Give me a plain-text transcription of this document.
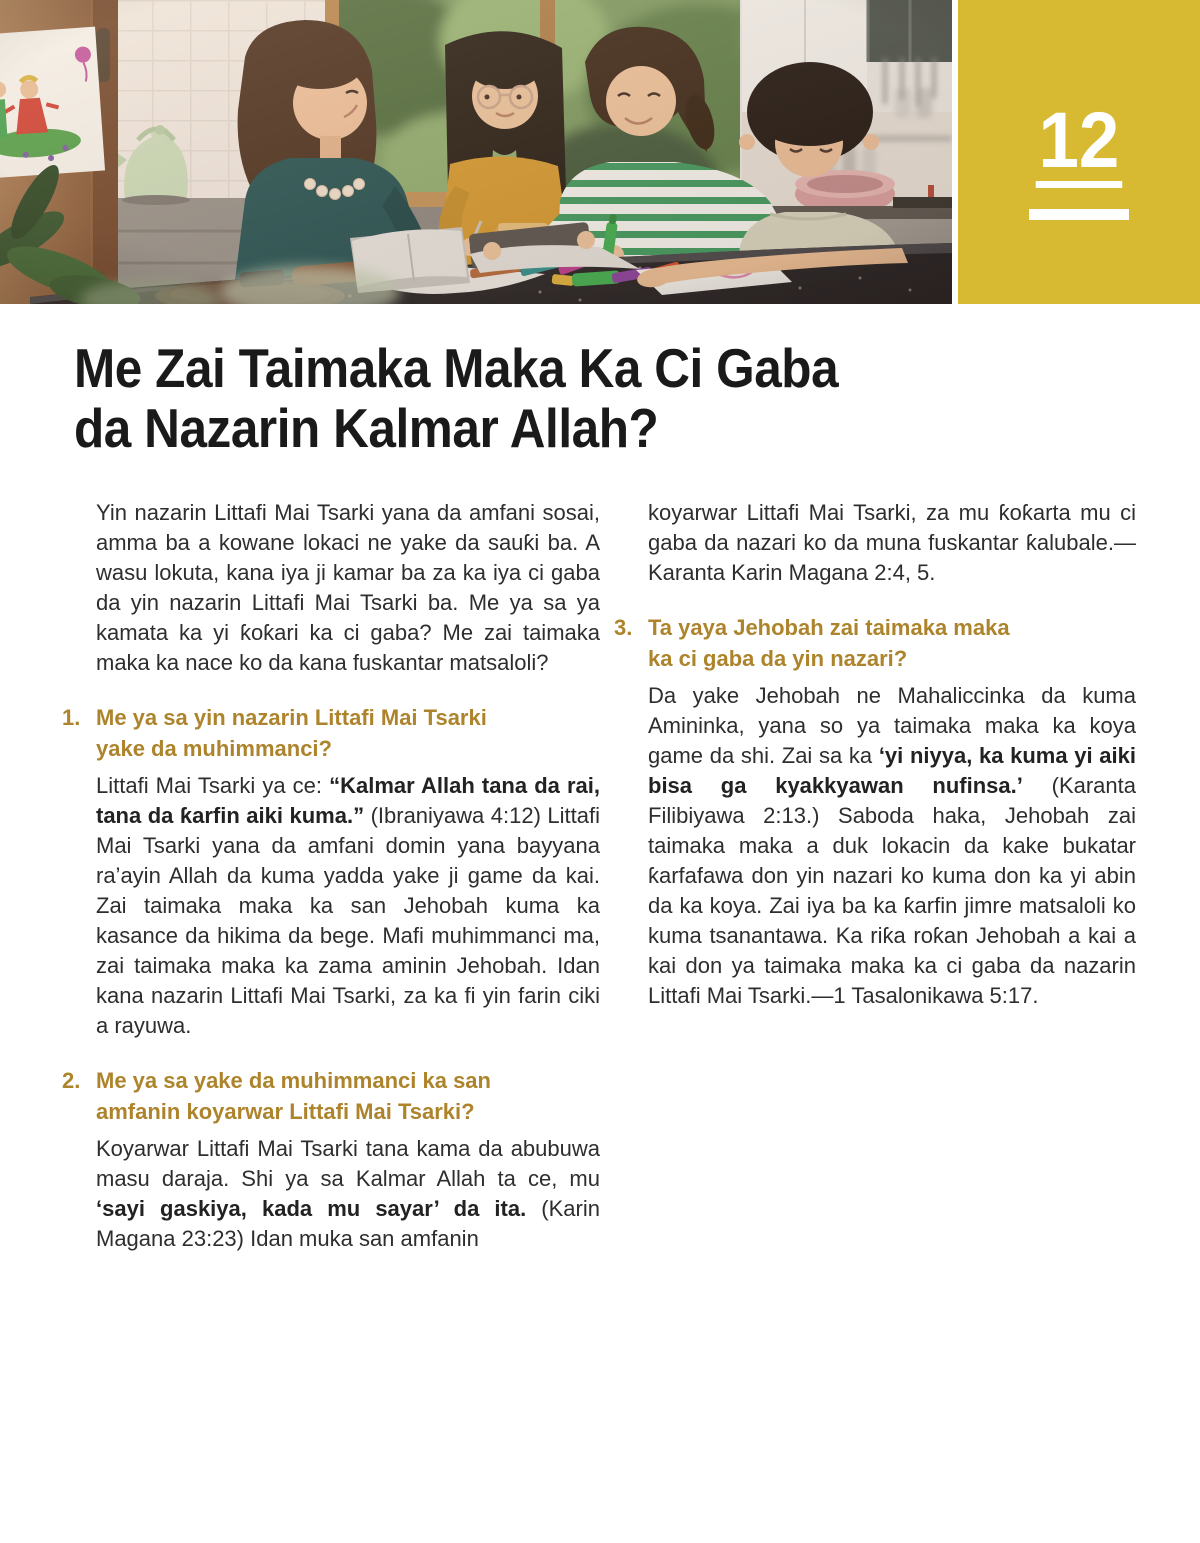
12
Me Zai Taimaka Maka Ka Ci Gaba
da Nazarin Kalmar Allah?

Yin nazarin Littafi Mai Tsarki yana da amfani sosai, amma ba a kowane lokaci ne yake da sauƙi ba. A wasu lokuta, kana iya ji kamar ba za ka iya ci gaba da yin nazarin Littafi Mai Tsarki ba. Me ya sa ya kamata ka yi ƙoƙari ka ci gaba? Me zai taimaka maka ka nace ko da kana fuskantar matsaloli?

1. Me ya sa yin nazarin Littafi Mai Tsarki
yake da muhimmanci?

Littafi Mai Tsarki ya ce: “Kalmar Allah tana da rai, tana da ƙarfin aiki kuma.” (Ibraniyawa 4:12) Littafi Mai Tsarki yana da amfani domin yana bayyana ra’ayin Allah da kuma yadda yake ji game da kai. Zai taimaka maka ka san Jehobah kuma ka kasance da hikima da bege. Mafi muhimmanci ma, zai taimaka maka ka zama aminin Jehobah. Idan kana nazarin Littafi Mai Tsarki, za ka fi yin farin ciki a rayuwa.

2. Me ya sa yake da muhimmanci ka san
amfanin koyarwar Littafi Mai Tsarki?

Koyarwar Littafi Mai Tsarki tana kama da abubuwa masu daraja. Shi ya sa Kalmar Allah ta ce, mu ‘sayi gaskiya, kada mu sayar’ da ita. (Karin Magana 23:23) Idan muka san amfanin

koyarwar Littafi Mai Tsarki, za mu ƙoƙarta mu ci gaba da nazari ko da muna fuskantar ƙalubale.—Karanta Karin Magana 2:4, 5.

3. Ta yaya Jehobah zai taimaka maka
ka ci gaba da yin nazari?

Da yake Jehobah ne Mahaliccinka da kuma Amininka, yana so ya taimaka maka ka koya game da shi. Zai sa ka ‘yi niyya, ka kuma yi aiki bisa ga kyakkyawan nufinsa.’ (Karanta Filibiyawa 2:13.) Saboda haka, Jehobah zai taimaka maka a duk lokacin da kake bukatar ƙarfafawa don yin nazari ko kuma don ka yi abin da ka koya. Zai iya ba ka ƙarfin jimre matsaloli ko kuma tsanantawa. Ka riƙa roƙan Jehobah a kai a kai don ya taimaka maka ka ci gaba da nazarin Littafi Mai Tsarki.—1 Tasalonikawa 5:17.
